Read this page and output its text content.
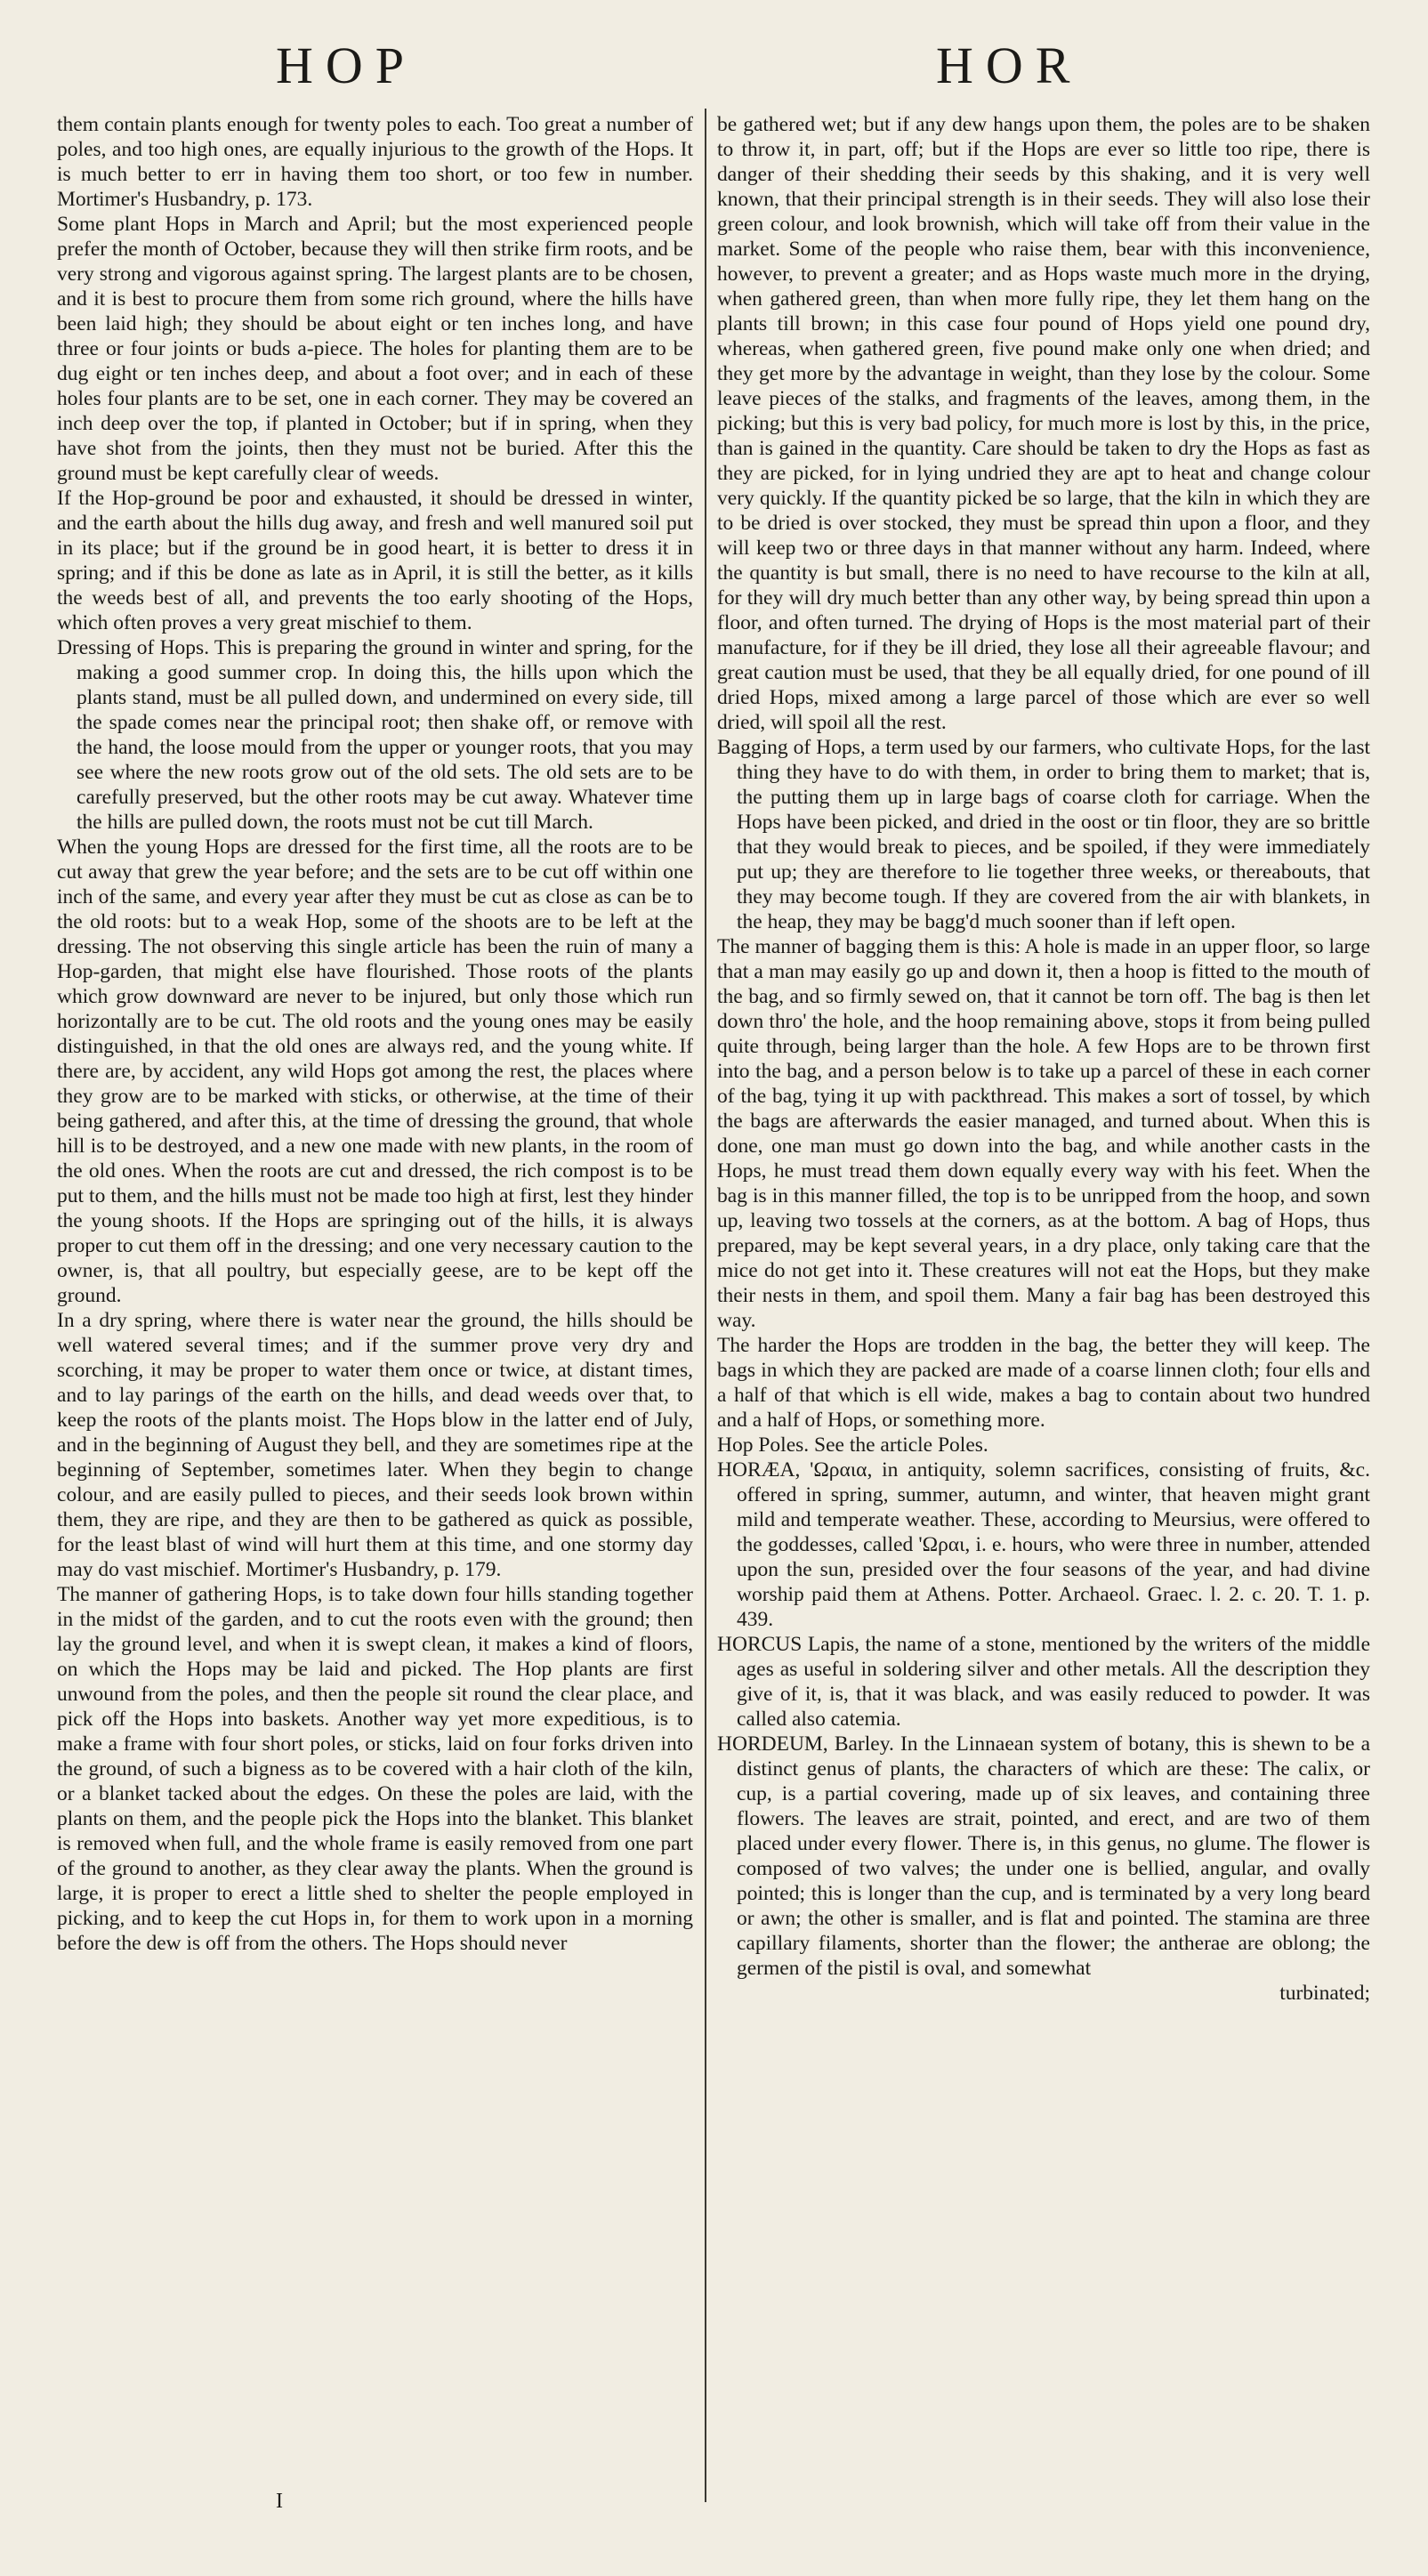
HOP	HOR

them contain plants enough for twenty poles to each. Too great a number of poles, and too high ones, are equally injurious to the growth of the Hops. It is much better to err in having them too short, or too few in number. Mortimer's Husbandry, p. 173.

Some plant Hops in March and April; but the most experienced people prefer the month of October, because they will then strike firm roots, and be very strong and vigorous against spring. The largest plants are to be chosen, and it is best to procure them from some rich ground, where the hills have been laid high; they should be about eight or ten inches long, and have three or four joints or buds a-piece. The holes for planting them are to be dug eight or ten inches deep, and about a foot over; and in each of these holes four plants are to be set, one in each corner. They may be covered an inch deep over the top, if planted in October; but if in spring, when they have shot from the joints, then they must not be buried. After this the ground must be kept carefully clear of weeds.

If the Hop-ground be poor and exhausted, it should be dressed in winter, and the earth about the hills dug away, and fresh and well manured soil put in its place; but if the ground be in good heart, it is better to dress it in spring; and if this be done as late as in April, it is still the better, as it kills the weeds best of all, and prevents the too early shooting of the Hops, which often proves a very great mischief to them.

Dressing of Hops. This is preparing the ground in winter and spring, for the making a good summer crop. In doing this, the hills upon which the plants stand, must be all pulled down, and undermined on every side, till the spade comes near the principal root; then shake off, or remove with the hand, the loose mould from the upper or younger roots, that you may see where the new roots grow out of the old sets. The old sets are to be carefully preserved, but the other roots may be cut away. Whatever time the hills are pulled down, the roots must not be cut till March.

When the young Hops are dressed for the first time, all the roots are to be cut away that grew the year before; and the sets are to be cut off within one inch of the same, and every year after they must be cut as close as can be to the old roots: but to a weak Hop, some of the shoots are to be left at the dressing. The not observing this single article has been the ruin of many a Hop-garden, that might else have flourished. Those roots of the plants which grow downward are never to be injured, but only those which run horizontally are to be cut. The old roots and the young ones may be easily distinguished, in that the old ones are always red, and the young white. If there are, by accident, any wild Hops got among the rest, the places where they grow are to be marked with sticks, or otherwise, at the time of their being gathered, and after this, at the time of dressing the ground, that whole hill is to be destroyed, and a new one made with new plants, in the room of the old ones. When the roots are cut and dressed, the rich compost is to be put to them, and the hills must not be made too high at first, lest they hinder the young shoots. If the Hops are springing out of the hills, it is always proper to cut them off in the dressing; and one very necessary caution to the owner, is, that all poultry, but especially geese, are to be kept off the ground.

In a dry spring, where there is water near the ground, the hills should be well watered several times; and if the summer prove very dry and scorching, it may be proper to water them once or twice, at distant times, and to lay parings of the earth on the hills, and dead weeds over that, to keep the roots of the plants moist. The Hops blow in the latter end of July, and in the beginning of August they bell, and they are sometimes ripe at the beginning of September, sometimes later. When they begin to change colour, and are easily pulled to pieces, and their seeds look brown within them, they are ripe, and they are then to be gathered as quick as possible, for the least blast of wind will hurt them at this time, and one stormy day may do vast mischief. Mortimer's Husbandry, p. 179.

The manner of gathering Hops, is to take down four hills standing together in the midst of the garden, and to cut the roots even with the ground; then lay the ground level, and when it is swept clean, it makes a kind of floors, on which the Hops may be laid and picked. The Hop plants are first unwound from the poles, and then the people sit round the clear place, and pick off the Hops into baskets. Another way yet more expeditious, is to make a frame with four short poles, or sticks, laid on four forks driven into the ground, of such a bigness as to be covered with a hair cloth of the kiln, or a blanket tacked about the edges. On these the poles are laid, with the plants on them, and the people pick the Hops into the blanket. This blanket is removed when full, and the whole frame is easily removed from one part of the ground to another, as they clear away the plants. When the ground is large, it is proper to erect a little shed to shelter the people employed in picking, and to keep the cut Hops in, for them to work upon in a morning before the dew is off from the others. The Hops should never

be gathered wet; but if any dew hangs upon them, the poles are to be shaken to throw it, in part, off; but if the Hops are ever so little too ripe, there is danger of their shedding their seeds by this shaking, and it is very well known, that their principal strength is in their seeds. They will also lose their green colour, and look brownish, which will take off from their value in the market. Some of the people who raise them, bear with this inconvenience, however, to prevent a greater; and as Hops waste much more in the drying, when gathered green, than when more fully ripe, they let them hang on the plants till brown; in this case four pound of Hops yield one pound dry, whereas, when gathered green, five pound make only one when dried; and they get more by the advantage in weight, than they lose by the colour. Some leave pieces of the stalks, and fragments of the leaves, among them, in the picking; but this is very bad policy, for much more is lost by this, in the price, than is gained in the quantity. Care should be taken to dry the Hops as fast as they are picked, for in lying undried they are apt to heat and change colour very quickly. If the quantity picked be so large, that the kiln in which they are to be dried is over stocked, they must be spread thin upon a floor, and they will keep two or three days in that manner without any harm. Indeed, where the quantity is but small, there is no need to have recourse to the kiln at all, for they will dry much better than any other way, by being spread thin upon a floor, and often turned. The drying of Hops is the most material part of their manufacture, for if they be ill dried, they lose all their agreeable flavour; and great caution must be used, that they be all equally dried, for one pound of ill dried Hops, mixed among a large parcel of those which are ever so well dried, will spoil all the rest.

Bagging of Hops, a term used by our farmers, who cultivate Hops, for the last thing they have to do with them, in order to bring them to market; that is, the putting them up in large bags of coarse cloth for carriage. When the Hops have been picked, and dried in the oost or tin floor, they are so brittle that they would break to pieces, and be spoiled, if they were immediately put up; they are therefore to lie together three weeks, or thereabouts, that they may become tough. If they are covered from the air with blankets, in the heap, they may be bagg'd much sooner than if left open.

The manner of bagging them is this: A hole is made in an upper floor, so large that a man may easily go up and down it, then a hoop is fitted to the mouth of the bag, and so firmly sewed on, that it cannot be torn off. The bag is then let down thro' the hole, and the hoop remaining above, stops it from being pulled quite through, being larger than the hole. A few Hops are to be thrown first into the bag, and a person below is to take up a parcel of these in each corner of the bag, tying it up with packthread. This makes a sort of tossel, by which the bags are afterwards the easier managed, and turned about. When this is done, one man must go down into the bag, and while another casts in the Hops, he must tread them down equally every way with his feet. When the bag is in this manner filled, the top is to be unripped from the hoop, and sown up, leaving two tossels at the corners, as at the bottom. A bag of Hops, thus prepared, may be kept several years, in a dry place, only taking care that the mice do not get into it. These creatures will not eat the Hops, but they make their nests in them, and spoil them. Many a fair bag has been destroyed this way.

The harder the Hops are trodden in the bag, the better they will keep. The bags in which they are packed are made of a coarse linnen cloth; four ells and a half of that which is ell wide, makes a bag to contain about two hundred and a half of Hops, or something more.

Hop Poles. See the article Poles.

HORÆA, 'Ωραια, in antiquity, solemn sacrifices, consisting of fruits, &c. offered in spring, summer, autumn, and winter, that heaven might grant mild and temperate weather. These, according to Meursius, were offered to the goddesses, called 'Ωραι, i. e. hours, who were three in number, attended upon the sun, presided over the four seasons of the year, and had divine worship paid them at Athens. Potter. Archaeol. Graec. l. 2. c. 20. T. 1. p. 439.

HORCUS Lapis, the name of a stone, mentioned by the writers of the middle ages as useful in soldering silver and other metals. All the description they give of it, is, that it was black, and was easily reduced to powder. It was called also catemia.

HORDEUM, Barley. In the Linnaean system of botany, this is shewn to be a distinct genus of plants, the characters of which are these: The calix, or cup, is a partial covering, made up of six leaves, and containing three flowers. The leaves are strait, pointed, and erect, and are two of them placed under every flower. There is, in this genus, no glume. The flower is composed of two valves; the under one is bellied, angular, and ovally pointed; this is longer than the cup, and is terminated by a very long beard or awn; the other is smaller, and is flat and pointed. The stamina are three capillary filaments, shorter than the flower; the antherae are oblong; the germen of the pistil is oval, and somewhat

turbinated;

I
